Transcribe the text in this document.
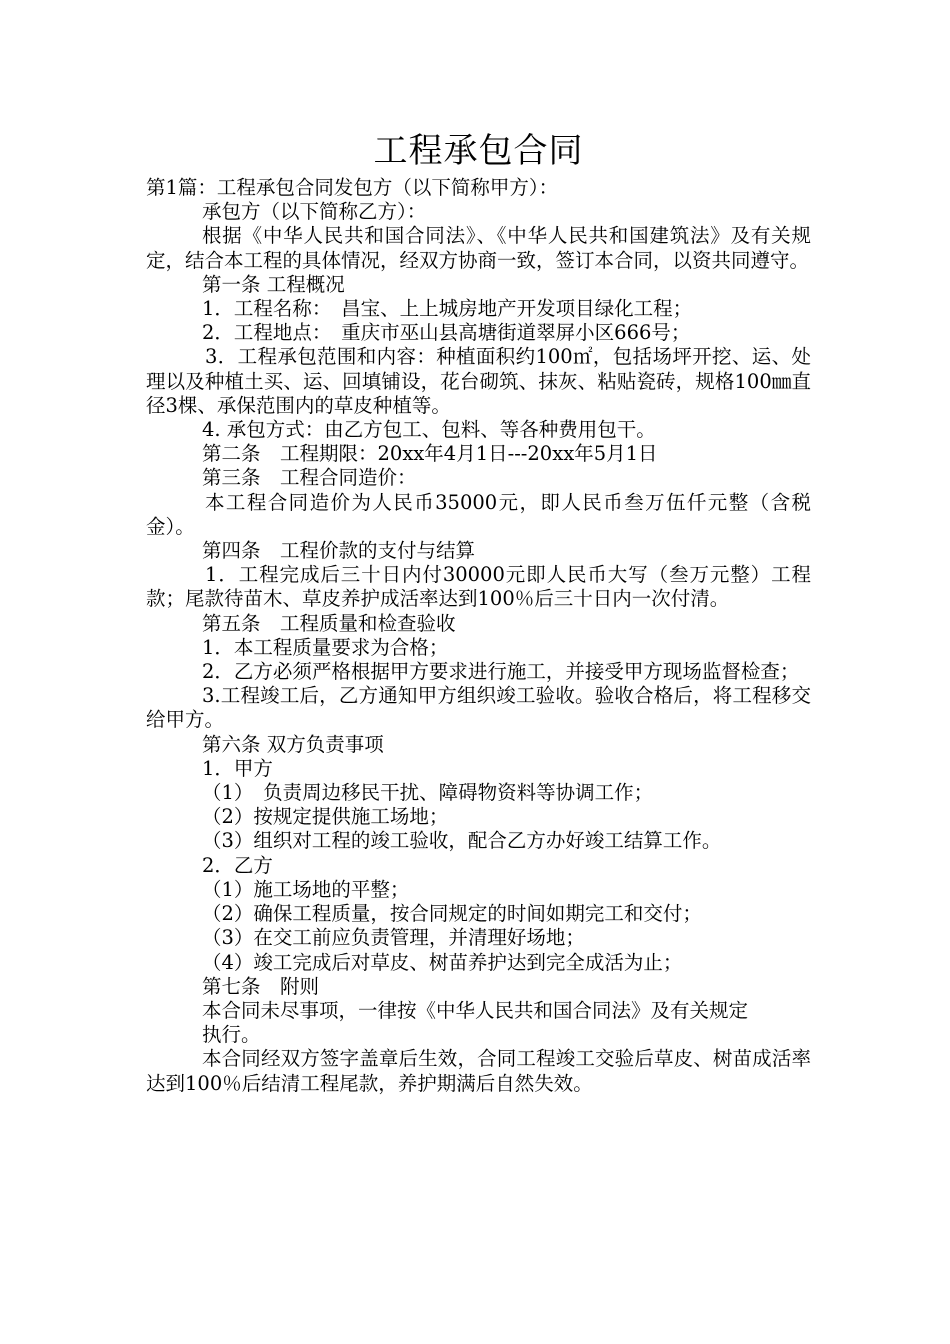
工程承包合同

第1篇：工程承包合同发包方（以下简称甲方）：

承包方（以下简称乙方）：

根据《中华人民共和国合同法》、《中华人民共和国建筑法》及有关规定，结合本工程的具体情况，经双方协商一致，签订本合同，以资共同遵守。

第一条 工程概况

1．工程名称：　昌宝、上上城房地产开发项目绿化工程；

2．工程地点：　重庆市巫山县高塘街道翠屏小区666号；

3．工程承包范围和内容：种植面积约100㎡，包括场坪开挖、运、处理以及种植土买、运、回填铺设，花台砌筑、抹灰、粘贴瓷砖，规格100㎜直径3棵、承保范围内的草皮种植等。

4. 承包方式：由乙方包工、包料、等各种费用包干。

第二条　工程期限：20xx年4月1日---20xx年5月1日

第三条　工程合同造价：

本工程合同造价为人民币35000元，即人民币叁万伍仟元整（含税金）。

第四条　工程价款的支付与结算

1．工程完成后三十日内付30000元即人民币大写（叁万元整）工程款；尾款待苗木、草皮养护成活率达到100％后三十日内一次付清。

第五条　工程质量和检查验收

1．本工程质量要求为合格；

2．乙方必须严格根据甲方要求进行施工，并接受甲方现场监督检查；

3.工程竣工后，乙方通知甲方组织竣工验收。验收合格后，将工程移交给甲方。

第六条 双方负责事项

1．甲方

（1）　负责周边移民干扰、障碍物资料等协调工作；

（2）按规定提供施工场地；

（3）组织对工程的竣工验收，配合乙方办好竣工结算工作。

2．乙方

（1）施工场地的平整；

（2）确保工程质量，按合同规定的时间如期完工和交付；

（3）在交工前应负责管理，并清理好场地；

（4）竣工完成后对草皮、树苗养护达到完全成活为止；

第七条　附则

本合同未尽事项，一律按《中华人民共和国合同法》及有关规定

执行。

本合同经双方签字盖章后生效，合同工程竣工交验后草皮、树苗成活率达到100％后结清工程尾款，养护期满后自然失效。
